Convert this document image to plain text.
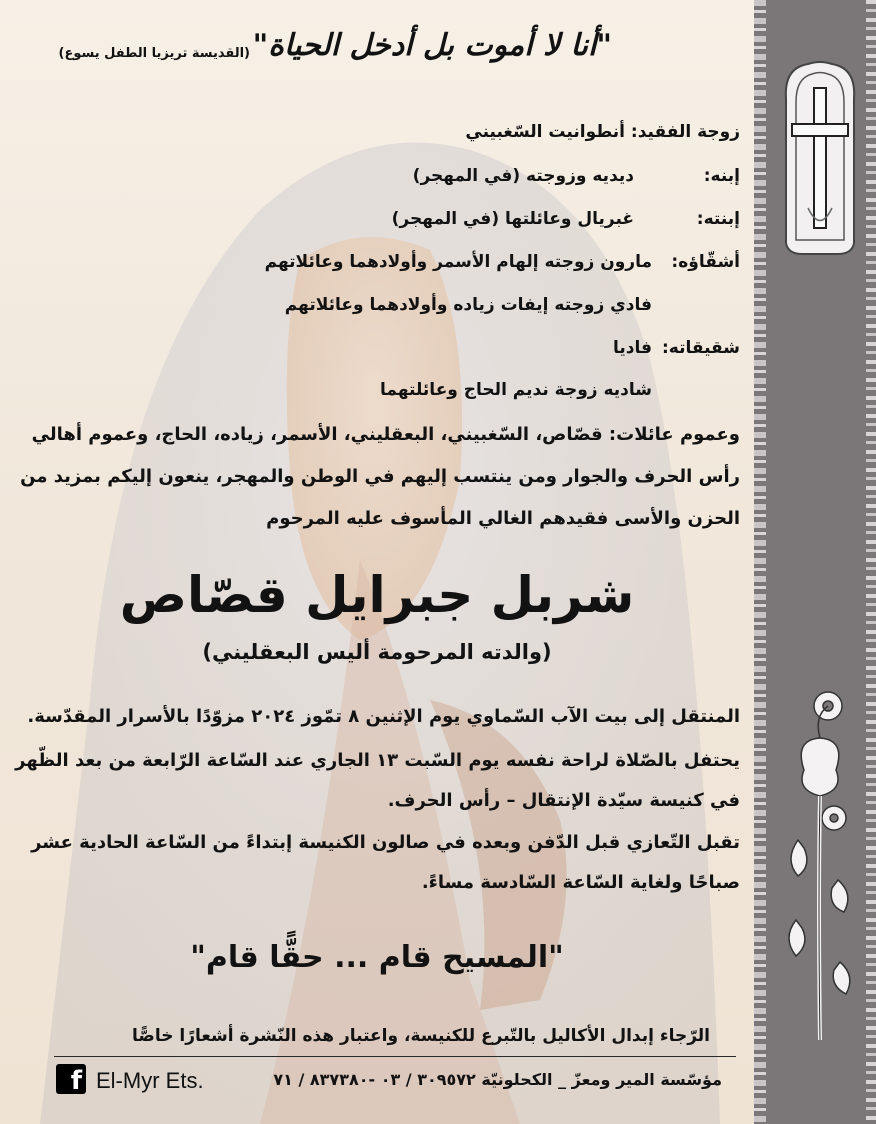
"أنا لا أموت بل أدخل الحياة"
(القديسة تريزيا الطفل يسوع)
زوجة الفقيد: أنطوانيت السّغبيني
إبنه:
ديديه وزوجته (في المهجر)
إبنته:
غبريال وعائلتها (في المهجر)
أشقّاؤه:
مارون زوجته إلهام الأسمر وأولادهما وعائلاتهم
فادي زوجته إيفات زياده وأولادهما وعائلاتهم
شقيقاته:
فاديا
شاديه زوجة نديم الحاج وعائلتهما
وعموم عائلات: قصّاص، السّغبيني، البعقليني، الأسمر، زياده، الحاج، وعموم أهالي
رأس الحرف والجوار ومن ينتسب إليهم في الوطن والمهجر، ينعون إليكم بمزيد من
الحزن والأسى فقيدهم الغالي المأسوف عليه المرحوم
شربل جبرايل قصّاص
(والدته المرحومة أليس البعقليني)
المنتقل إلى بيت الآب السّماوي يوم الإثنين ٨ تمّوز ٢٠٢٤ مزوّدًا بالأسرار المقدّسة.
يحتفل بالصّلاة لراحة نفسه يوم السّبت ١٣ الجاري عند السّاعة الرّابعة من بعد الظّهر
في كنيسة سيّدة الإنتقال – رأس الحرف.
تقبل التّعازي قبل الدّفن وبعده في صالون الكنيسة إبتداءً من السّاعة الحادية عشر
صباحًا ولغاية السّاعة السّادسة مساءً.
"المسيح قام ... حقًّا قام"
الرّجاء إبدال الأكاليل بالتّبرع للكنيسة، واعتبار هذه النّشرة أشعارًا خاصًّا
f El-Myr Ets.	مؤسّسة المير ومعزّ _ الكحلونيّة ٣٠٩٥٧٢ / ٠٣ -٨٣٧٣٨٠ / ٧١
